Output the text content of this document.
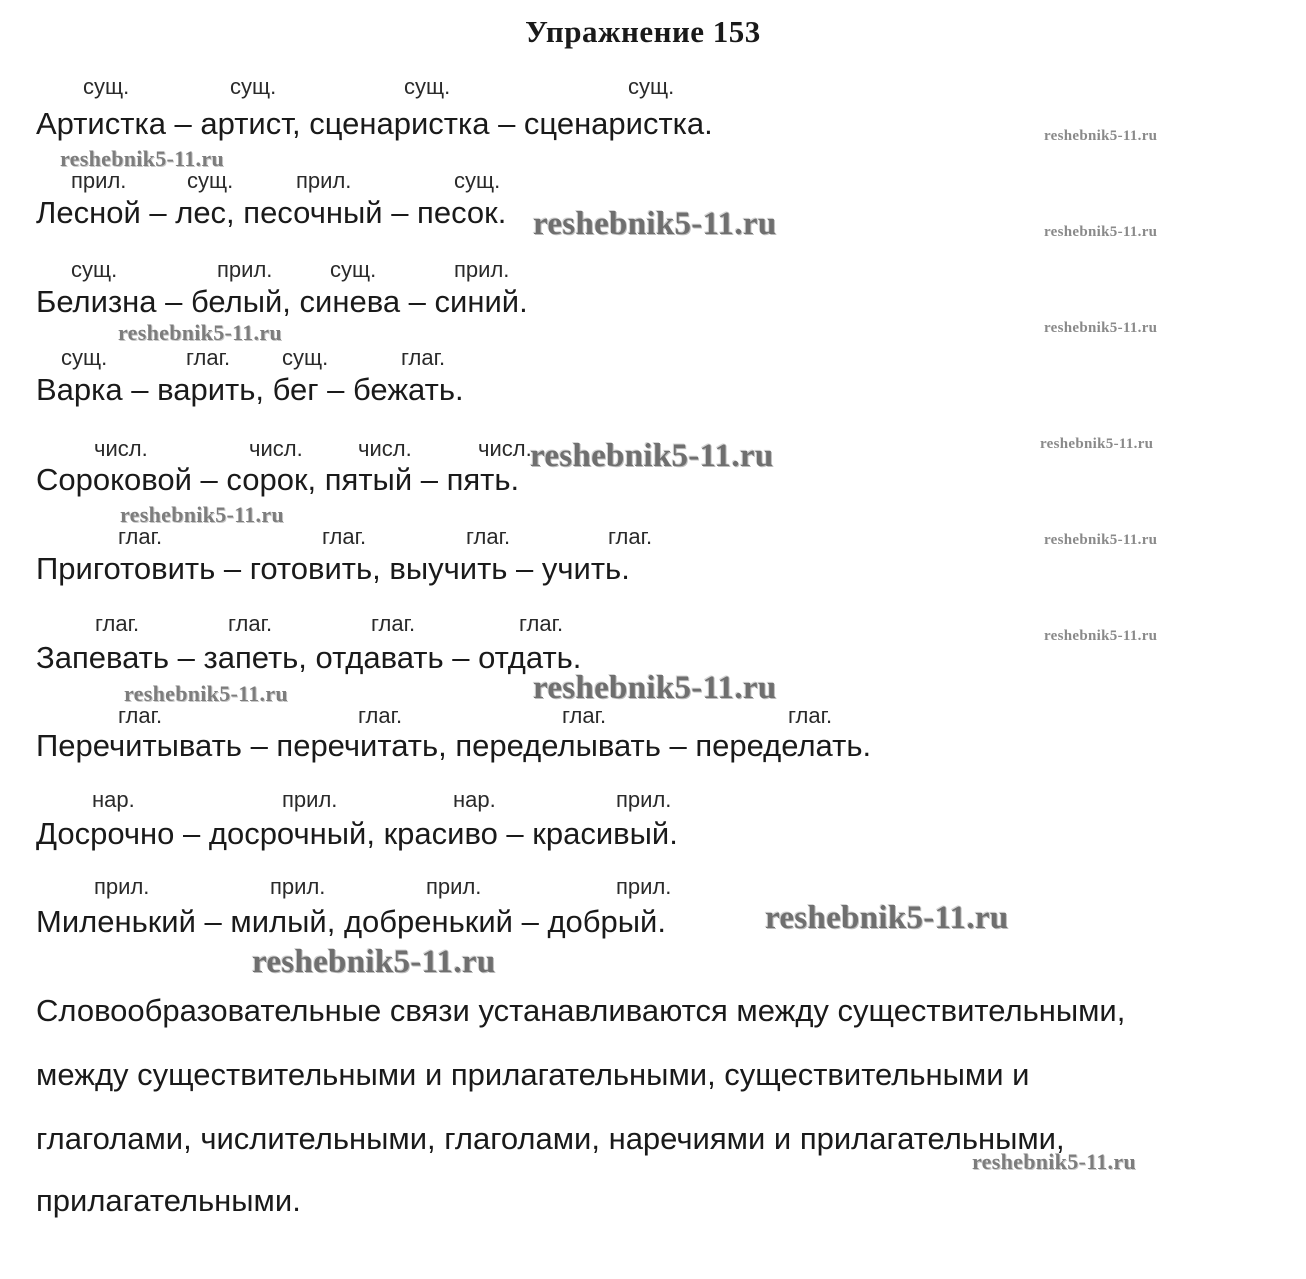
Упражнение 153
сущ.	сущ.	сущ.	сущ.
Артистка – артист, сценаристка – сценаристка.
прил.	сущ.	прил.	сущ.
Лесной – лес, песочный – песок.
сущ.	прил.	сущ.	прил.
Белизна – белый, синева – синий.
сущ.	глаг. сущ.	глаг.
Варка – варить, бег – бежать.
числ.	числ.	числ.	числ.
Сороковой – сорок, пятый – пять.
глаг.	глаг.	глаг.	глаг.
Приготовить – готовить, выучить – учить.
глаг.	глаг.	глаг.	глаг.
Запевать – запеть, отдавать – отдать.
глаг.	глаг.	глаг.	глаг.
Перечитывать – перечитать, переделывать – переделать.
нар.	прил.	нар.	прил.
Досрочно – досрочный, красиво – красивый.
прил.	прил.	прил.	прил.
Миленький – милый, добренький – добрый.
Словообразовательные связи устанавливаются между существительными,
между существительными и прилагательными, существительными и
глаголами, числительными, глаголами, наречиями и прилагательными,
прилагательными.
reshebnik5-11.ru
reshebnik5-11.ru
reshebnik5-11.ru	reshebnik5-11.ru
reshebnik5-11.ru	reshebnik5-11.ru
reshebnik5-11.ru	reshebnik5-11.ru
reshebnik5-11.ru
reshebnik5-11.ru
reshebnik5-11.ru
reshebnik5-11.ru
reshebnik5-11.ru
reshebnik5-11.ru
reshebnik5-11.ru
reshebnik5-11.ru
